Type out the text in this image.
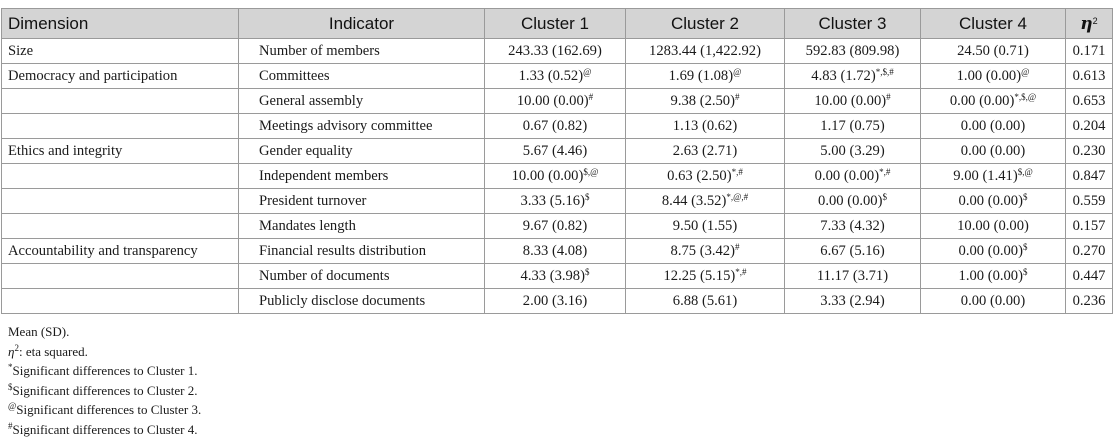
Dimension	Indicator	Cluster 1	Cluster 2	Cluster 3	Cluster 4	$\eta^2$
Size	Number of members	243.33 (162.69)	1283.44 (1,422.92)	592.83 (809.98)	24.50 (0.71)	0.171
Democracy and participation	Committees	1.33 (0.52)@	1.69 (1.08)@	4.83 (1.72)*,$,#	1.00 (0.00)@	0.613
	General assembly	10.00 (0.00)#	9.38 (2.50)#	10.00 (0.00)#	0.00 (0.00)*,$,@	0.653
	Meetings advisory committee	0.67 (0.82)	1.13 (0.62)	1.17 (0.75)	0.00 (0.00)	0.204
Ethics and integrity	Gender equality	5.67 (4.46)	2.63 (2.71)	5.00 (3.29)	0.00 (0.00)	0.230
	Independent members	10.00 (0.00)$,@	0.63 (2.50)*,#	0.00 (0.00)*,#	9.00 (1.41)$,@	0.847
	President turnover	3.33 (5.16)$	8.44 (3.52)*,@,#	0.00 (0.00)$	0.00 (0.00)$	0.559
	Mandates length	9.67 (0.82)	9.50 (1.55)	7.33 (4.32)	10.00 (0.00)	0.157
Accountability and transparency	Financial results distribution	8.33 (4.08)	8.75 (3.42)#	6.67 (5.16)	0.00 (0.00)$	0.270
	Number of documents	4.33 (3.98)$	12.25 (5.15)*,#	11.17 (3.71)	1.00 (0.00)$	0.447
	Publicly disclose documents	2.00 (3.16)	6.88 (5.61)	3.33 (2.94)	0.00 (0.00)	0.236
Mean (SD).
$\eta^2$: eta squared.
*Significant differences to Cluster 1.
$Significant differences to Cluster 2.
@Significant differences to Cluster 3.
#Significant differences to Cluster 4.
